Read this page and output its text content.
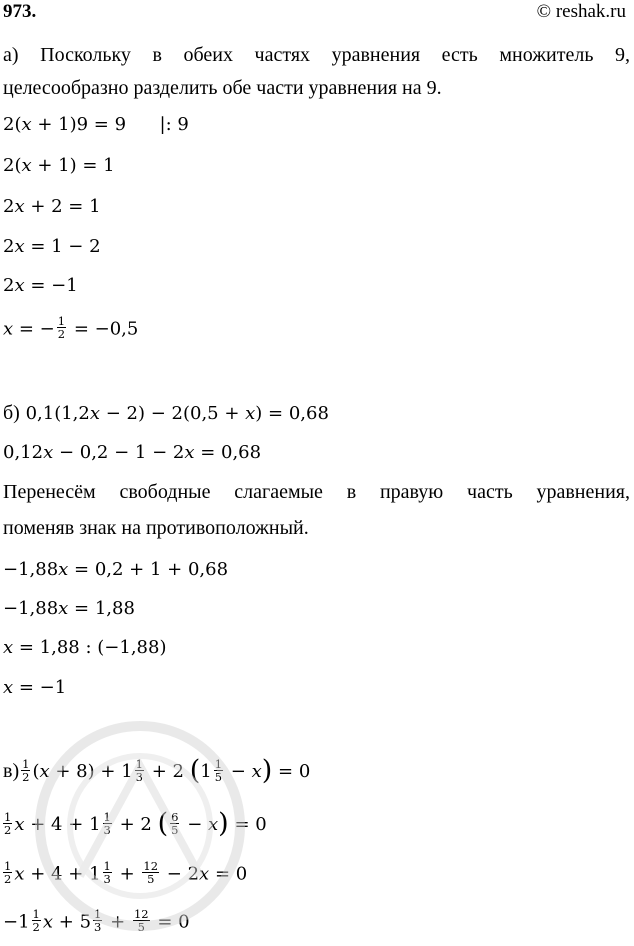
973.	© reshak.ru
а) Поскольку в обеих частях уравнения есть множитель 9,
целесообразно разделить обе части уравнения на 9.
2(𝑥 + 1)9 = 9 |: 9
2(𝑥 + 1) = 1
2𝑥 + 2 = 1
2𝑥 = 1 − 2
2𝑥 = −1
𝑥 = − $\frac{1}{2} = -0,5$
б) 0,1(1,2𝑥 − 2) − 2(0,5 + 𝑥) = 0,68
0,12𝑥 − 0,2 − 1 − 2𝑥 = 0,68
Перенесём свободные слагаемые в правую часть уравнения,
поменяв знак на противоположный.
−1,88𝑥 = 0,2 + 1 + 0,68
−1,88𝑥 = 1,88
𝑥 = 1,88 : (−1,88)
𝑥 = −1
$в) \frac{1}{2}$ (𝑥 + $8) + 1 \frac{1}{3} + 2$ ($1 \frac{1}{5}$ − 𝑥) = 0
$\frac{1}{2}$ 𝑥 + $4 + 1 \frac{1}{3} + 2$ ( $\frac{6}{5}$ − 𝑥) = 0
$\frac{1}{2}$ 𝑥 + $4 + 1 \frac{1}{3} + \frac{12}{5}$ − 2𝑥 = 0
$-1 \frac{1}{2}$ 𝑥 + $5 \frac{1}{3} + \frac{12}{5} = 0$
